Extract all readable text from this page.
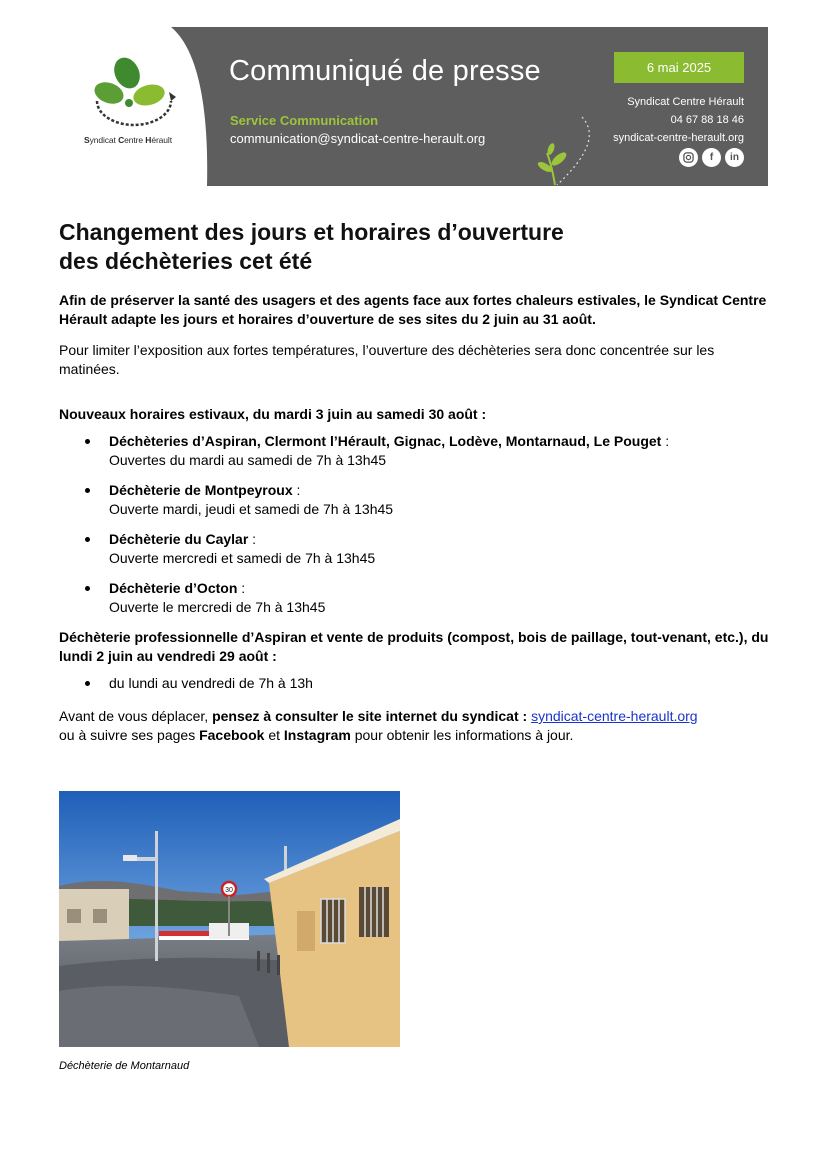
Syndicat Centre Hérault
Communiqué de presse
Service Communication
communication@syndicat-centre-herault.org
6 mai 2025
Syndicat Centre Hérault
04 67 88 18 46
syndicat-centre-herault.org
f	in
Changement des jours et horaires d’ouverture
des déchèteries cet été

Afin de préserver la santé des usagers et des agents face aux fortes chaleurs estivales, le Syndicat Centre Hérault adapte les jours et horaires d’ouverture de ses sites du 2 juin au 31 août.

Pour limiter l’exposition aux fortes températures, l’ouverture des déchèteries sera donc concentrée sur les matinées.

Nouveaux horaires estivaux, du mardi 3 juin au samedi 30 août :

Déchèteries d’Aspiran, Clermont l’Hérault, Gignac, Lodève, Montarnaud, Le Pouget :
Ouvertes du mardi au samedi de 7h à 13h45
Déchèterie de Montpeyroux :
Ouverte mardi, jeudi et samedi de 7h à 13h45
Déchèterie du Caylar :
Ouverte mercredi et samedi de 7h à 13h45
Déchèterie d’Octon :
Ouverte le mercredi de 7h à 13h45

Déchèterie professionnelle d’Aspiran et vente de produits (compost, bois de paillage, tout-venant, etc.), du lundi 2 juin au vendredi 29 août :

du lundi au vendredi de 7h à 13h

Avant de vous déplacer, pensez à consulter le site internet du syndicat : syndicat-centre-herault.org
ou à suivre ses pages Facebook et Instagram pour obtenir les informations à jour.

30
Déchèterie de Montarnaud
